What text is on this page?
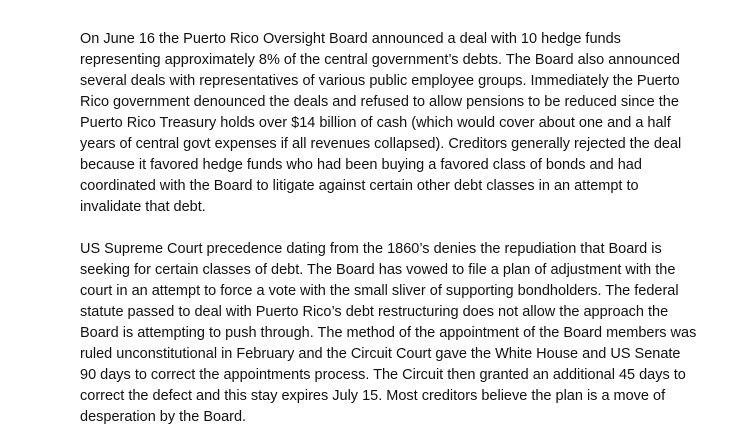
On June 16 the Puerto Rico Oversight Board announced a deal with 10 hedge funds
representing approximately 8% of the central government’s debts. The Board also announced
several deals with representatives of various public employee groups. Immediately the Puerto
Rico government denounced the deals and refused to allow pensions to be reduced since the
Puerto Rico Treasury holds over $14 billion of cash (which would cover about one and a half
years of central govt expenses if all revenues collapsed). Creditors generally rejected the deal
because it favored hedge funds who had been buying a favored class of bonds and had
coordinated with the Board to litigate against certain other debt classes in an attempt to
invalidate that debt.

US Supreme Court precedence dating from the 1860’s denies the repudiation that Board is
seeking for certain classes of debt. The Board has vowed to file a plan of adjustment with the
court in an attempt to force a vote with the small sliver of supporting bondholders. The federal
statute passed to deal with Puerto Rico’s debt restructuring does not allow the approach the
Board is attempting to push through. The method of the appointment of the Board members was
ruled unconstitutional in February and the Circuit Court gave the White House and US Senate
90 days to correct the appointments process. The Circuit then granted an additional 45 days to
correct the defect and this stay expires July 15. Most creditors believe the plan is a move of
desperation by the Board.
